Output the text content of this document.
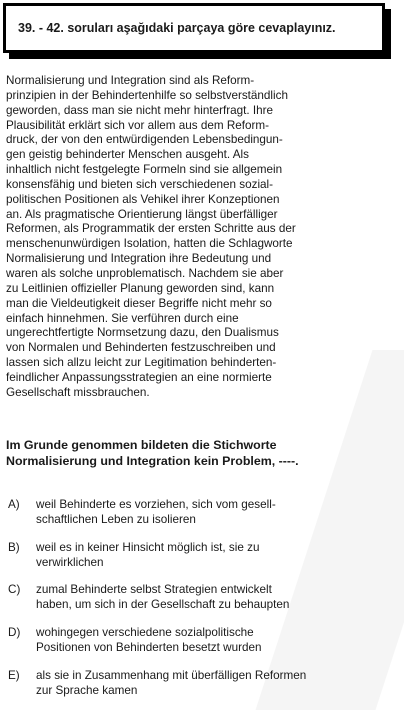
39. - 42. soruları aşağıdaki parçaya göre cevaplayınız.
Normalisierung und Integration sind als Reform-
prinzipien in der Behindertenhilfe so selbstverständlich
geworden, dass man sie nicht mehr hinterfragt. Ihre
Plausibilität erklärt sich vor allem aus dem Reform-
druck, der von den entwürdigenden Lebensbedingun-
gen geistig behinderter Menschen ausgeht. Als
inhaltlich nicht festgelegte Formeln sind sie allgemein
konsensfähig und bieten sich verschiedenen sozial-
politischen Positionen als Vehikel ihrer Konzeptionen
an. Als pragmatische Orientierung längst überfälliger
Reformen, als Programmatik der ersten Schritte aus der
menschenunwürdigen Isolation, hatten die Schlagworte
Normalisierung und Integration ihre Bedeutung und
waren als solche unproblematisch. Nachdem sie aber
zu Leitlinien offizieller Planung geworden sind, kann
man die Vieldeutigkeit dieser Begriffe nicht mehr so
einfach hinnehmen. Sie verführen durch eine
ungerechtfertigte Normsetzung dazu, den Dualismus
von Normalen und Behinderten festzuschreiben und
lassen sich allzu leicht zur Legitimation behinderten-
feindlicher Anpassungsstrategien an eine normierte
Gesellschaft missbrauchen.
Im Grunde genommen bildeten die Stichworte
Normalisierung und Integration kein Problem, ----.
A) weil Behinderte es vorziehen, sich vom gesell-
schaftlichen Leben zu isolieren
B) weil es in keiner Hinsicht möglich ist, sie zu
verwirklichen
C) zumal Behinderte selbst Strategien entwickelt
haben, um sich in der Gesellschaft zu behaupten
D) wohingegen verschiedene sozialpolitische
Positionen von Behinderten besetzt wurden
E) als sie in Zusammenhang mit überfälligen Reformen
zur Sprache kamen
